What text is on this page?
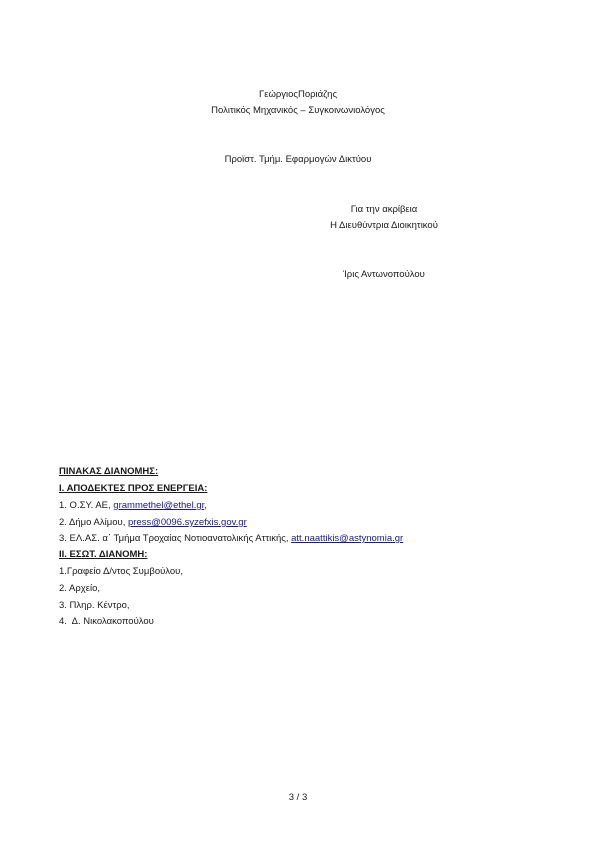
ΓεώργιοςΠοριάζης
Πολιτικός Μηχανικός – Συγκοινωνιολόγος
Προϊστ. Τμήμ. Εφαρμογών Δικτύου
Για την ακρίβεια
Η Διευθύντρια Διοικητικού
Ίρις Αντωνοπούλου
ΠΙΝΑΚΑΣ ΔΙΑΝΟΜΗΣ:
Ι. ΑΠΟΔΕΚΤΕΣ ΠΡΟΣ ΕΝΕΡΓΕΙΑ:
1. Ο.ΣΥ. ΑΕ, grammethel@ethel.gr,
2. Δήμο Αλίμου, press@0096.syzefxis.gov.gr
3. ΕΛ.ΑΣ. α΄ Τμήμα Τροχαίας Νοτιοανατολικής Αττικής, att.naattikis@astynomia.gr
ΙΙ. ΕΣΩΤ. ΔΙΑΝΟΜΗ:
1.Γραφείο Δ/ντος Συμβούλου,
2. Αρχείο,
3. Πληρ. Κέντρο,
4.  Δ. Νικολακοπούλου
3 / 3
